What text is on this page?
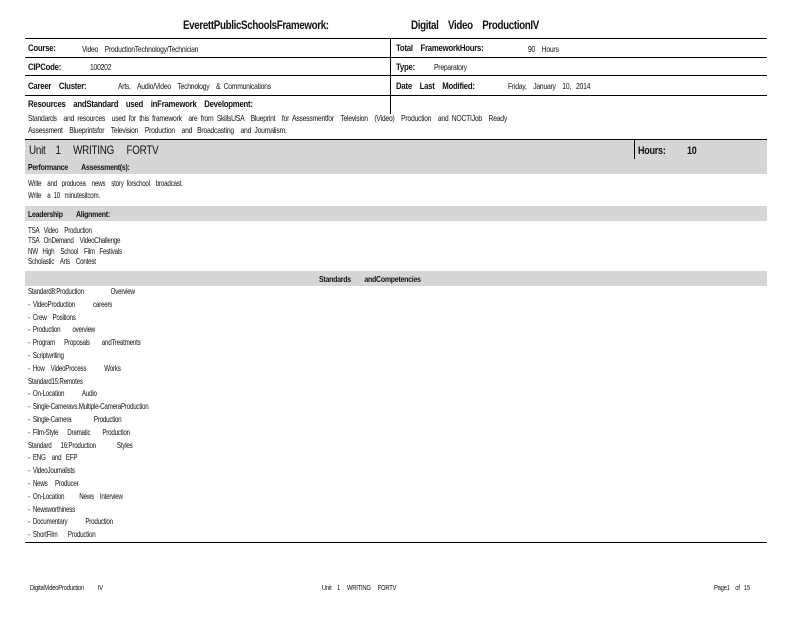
EverettPublicSchoolsFramework:	Digital    Video    ProductionIV
Course:	Video    ProductionTechnology/Technician	Total    FrameworkHours:	90    Hours
CIPCode:	100202	Type: Preparatory
Career    Cluster:	Arts,    Audio/Video    Technology    &  Communications	Date    Last    Modified:	Friday,    January    10,   2014
Resources    andStandard    used    inFramework    Development:
Standards    and  resources    used  for  this  framework    are  from  SkillsUSA    Blueprint    for  Assessmentfor    Television    (Video)    Production    and  NOCTIJob    Ready
Assessment    Blueprintsfor    Television    Production    and   Broadcasting    and  Journalism.
Unit    1     WRITING     FORTV	Hours: 10
Performance        Assessment(s):
Write    and   producea    news    story  forschool    broadcast.
Write    a  10   minutesitcom.
Leadership        Alignment:
TSA   Video    Production
TSA   OnDemand    VideoChallenge
NW   High    School    Film   Festivals
Scholastic    Arts    Contest
Standards        andCompetencies
Standard8:Production                  Overview
-  VideoProduction            careers
-  Crew    Positions
-  Production        overview
-  Program      Proposals        andTreatments
-  Scriptwriting
-  How    VideoProcess            Works
Standard15:Remotes
-  On-Location            Audio
-  Single-Cameravs.Multiple-CameraProduction
-  Single-Camera               Production
-  Film-Style      Dramatic        Production
Standard      16:Production              Styles
-  ENG    and   EFP
-  VideoJournalists
-  News     Producer
-  On-Location          News    Interview
-  Newsworthiness
-  Documentary            Production
-  ShortFilm       Production
DigitalVideoProduction          IV	Unit    1     WRITING     FORTV	Page1    of   15
